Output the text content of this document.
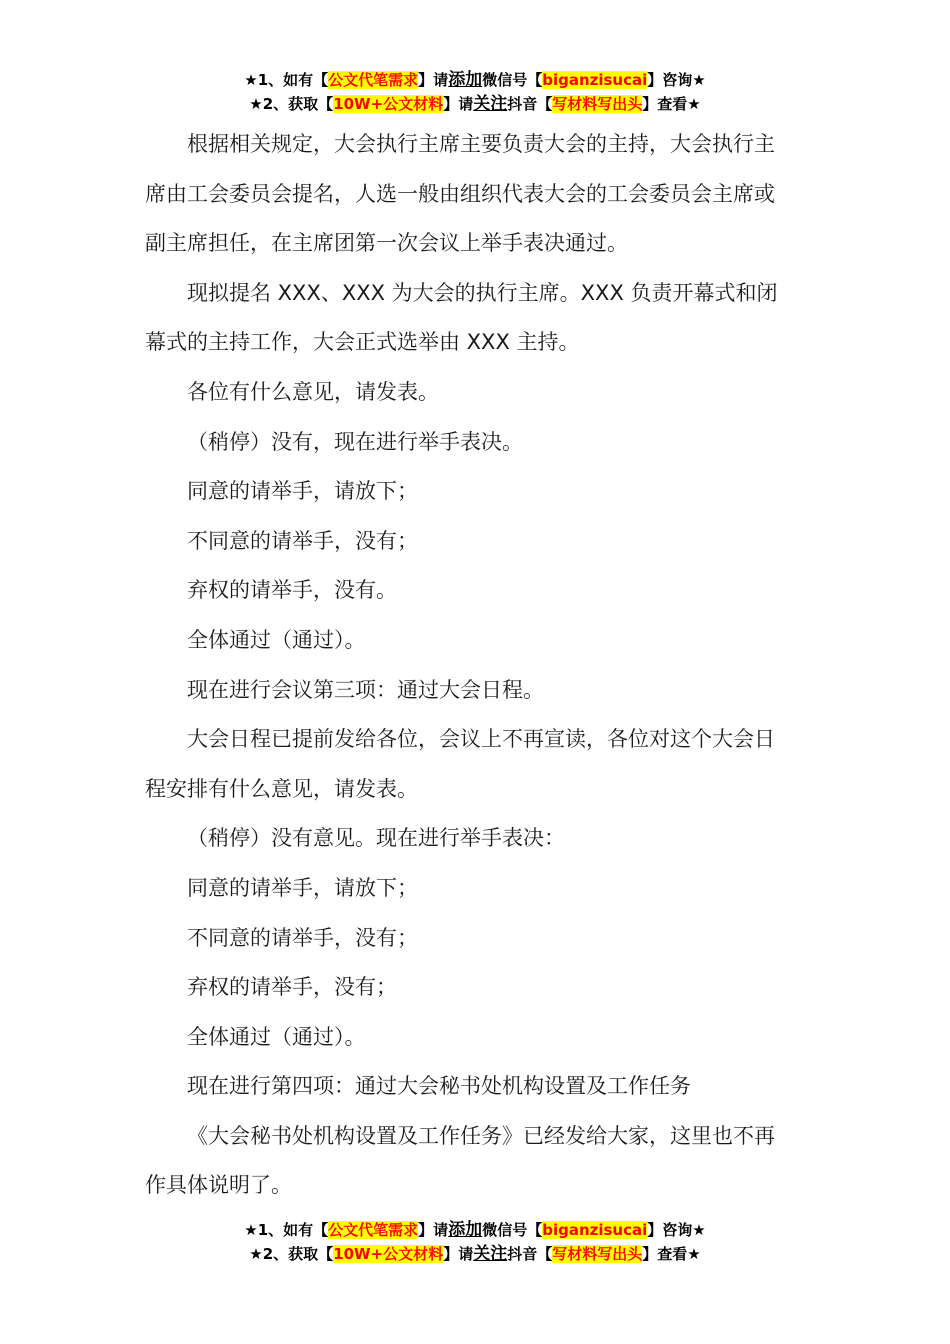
★1、如有【公文代笔需求】请添加微信号【biganzisucai】咨询★
★2、获取【10W+公文材料】请关注抖音【写材料写出头】查看★

根据相关规定，大会执行主席主要负责大会的主持，大会执行主席由工会委员会提名，人选一般由组织代表大会的工会委员会主席或副主席担任，在主席团第一次会议上举手表决通过。

现拟提名 XXX、XXX 为大会的执行主席。XXX 负责开幕式和闭幕式的主持工作，大会正式选举由 XXX 主持。

各位有什么意见，请发表。

（稍停）没有，现在进行举手表决。

同意的请举手，请放下；

不同意的请举手，没有；

弃权的请举手，没有。

全体通过（通过）。

现在进行会议第三项：通过大会日程。

大会日程已提前发给各位，会议上不再宣读，各位对这个大会日程安排有什么意见，请发表。

（稍停）没有意见。现在进行举手表决：

同意的请举手，请放下；

不同意的请举手，没有；

弃权的请举手，没有；

全体通过（通过）。

现在进行第四项：通过大会秘书处机构设置及工作任务

《大会秘书处机构设置及工作任务》已经发给大家，这里也不再作具体说明了。

★1、如有【公文代笔需求】请添加微信号【biganzisucai】咨询★
★2、获取【10W+公文材料】请关注抖音【写材料写出头】查看★
